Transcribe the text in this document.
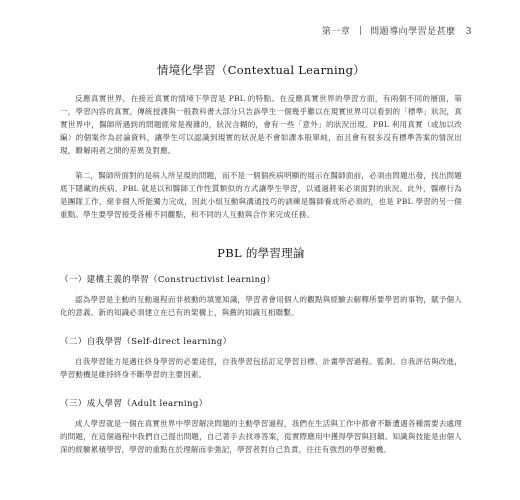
第一章 問題導向學習是甚麼 3
情境化學習（Contextual Learning）

反應真實世界，在接近真實的情境下學習是 PBL 的特點。在反應真實世界的學習方面，有兩個不同的層面，第一，學習內容的真實，傳統授課與一般教科書大部分只告訴學生一個幾乎難以在現實世界可以看到的「標準」狀況，真實世界中，醫師所遇到的問題經常是複雜的，狀況含糊的，會有一些「意外」的狀況出現。PBL 利用真實（或加以改編）的個案作為討論資料，讓學生可以認識到現實的狀況是不會如課本般單純，而且會有很多沒有標準答案的情況出現，瞭解兩者之間的差異及對應。

第二，醫師所面對的是病人所呈現的問題，而不是一個個疾病明顯的展示在醫師面前，必須由問題出發，找出問題底下隱藏的疾病。PBL 就是以和醫師工作性質類似的方式讓學生學習，以通過將來必須面對的狀況。此外，醫療行為是團隊工作，絕非個人所能獨力完成，因此小組互動與溝通技巧的訓練是醫師養成所必須的，也是 PBL 學習的另一個重點。學生要學習接受各種不同觀點，和不同的人互動與合作來完成任務。

PBL 的學習理論
（一）建構主義的學習（Constructivist learning）

認為學習是主動的互動過程而非被動的填塞知識，學習者會用個人的觀點與經驗去解釋所要學習的事物，賦予個人化的意義。新的知識必須建立在已有的架構上，與舊的知識互相聯繫。

（二）自我學習（Self-direct learning）

自我學習能力是邁往終身學習的必要途徑，自我學習包括訂定學習目標、計畫學習過程、監測、自我評估與改進，學習動機是維持終身不斷學習的主要因素。

（三）成人學習（Adult learning）

成人學習就是一個在真實世界中學習解決問題的主動學習過程，我們在生活與工作中都會不斷遭遇各種需要去處理的問題，在這個過程中我們自己提出問題，自己著手去找尋答案，從實際應用中獲得學習與回饋。知識與技能是由個人深的經驗累積學習，學習的重點在於理解而非強記，學習者對自己負責，往往有強烈的學習動機。
